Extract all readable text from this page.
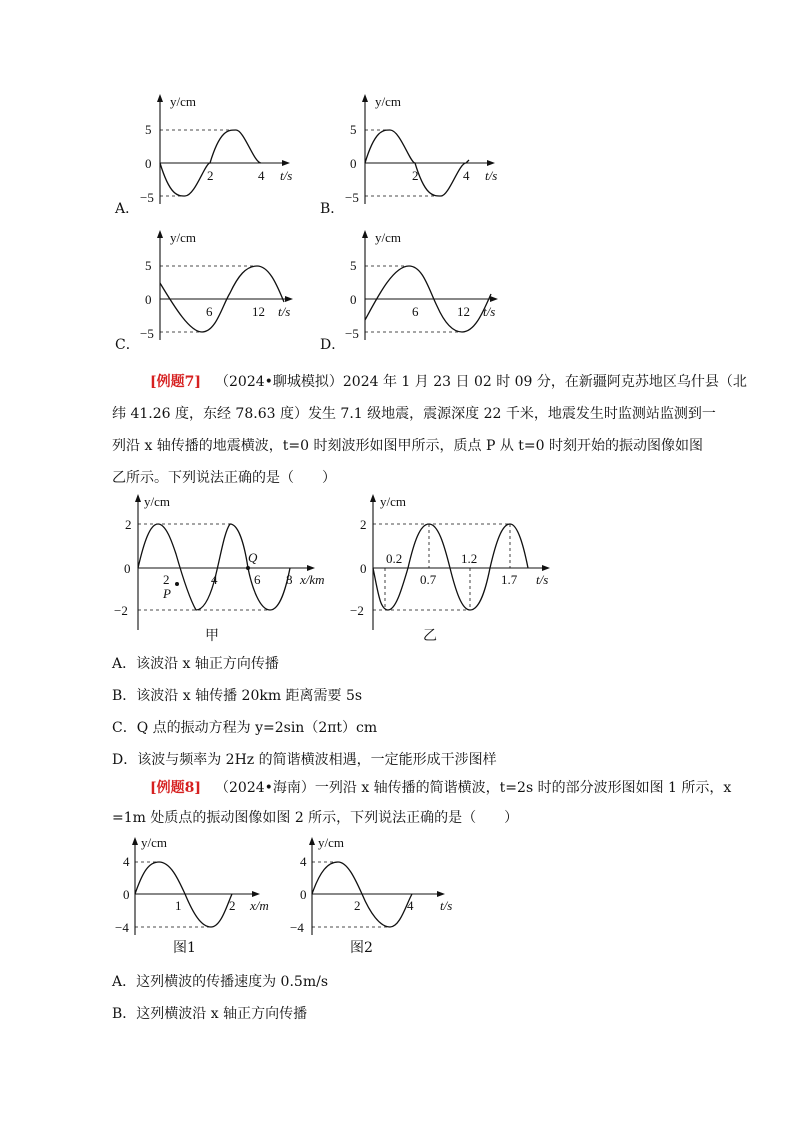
A．
y/cm
5
0
−5
2	4 t/s
B．
y/cm
5
0
−5
2	4 t/s
C．
y/cm
5
0
−5
6	12 t/s
D．
y/cm
5
0
−5
6	12 t/s
[例题7] （2024•聊城模拟）2024 年 1 月 23 日 02 时 09 分，在新疆阿克苏地区乌什县（北
纬 41.26 度，东经 78.63 度）发生 7.1 级地震，震源深度 22 千米，地震发生时监测站监测到一
列沿 x 轴传播的地震横波，t=0 时刻波形如图甲所示，质点 P 从 t=0 时刻开始的振动图像如图
乙所示。下列说法正确的是（　　）
y/cm
2
0
−2
2	4	6 8 x/km
P
Q
甲
y/cm
2
0
−2
0.2
0.7
1.2
1.7 t/s
乙
A．该波沿 x 轴正方向传播
B．该波沿 x 轴传播 20km 距离需要 5s
C．Q 点的振动方程为 y=2sin（2πt）cm
D．该波与频率为 2Hz 的简谐横波相遇，一定能形成干涉图样
[例题8] （2024•海南）一列沿 x 轴传播的简谐横波，t=2s 时的部分波形图如图 1 所示，x
=1m 处质点的振动图像如图 2 所示，下列说法正确的是（　　）
y/cm
4
0
−4
1	2 x/m
图1
y/cm
4
0
−4
2	4 t/s
图2
A．这列横波的传播速度为 0.5m/s
B．这列横波沿 x 轴正方向传播
